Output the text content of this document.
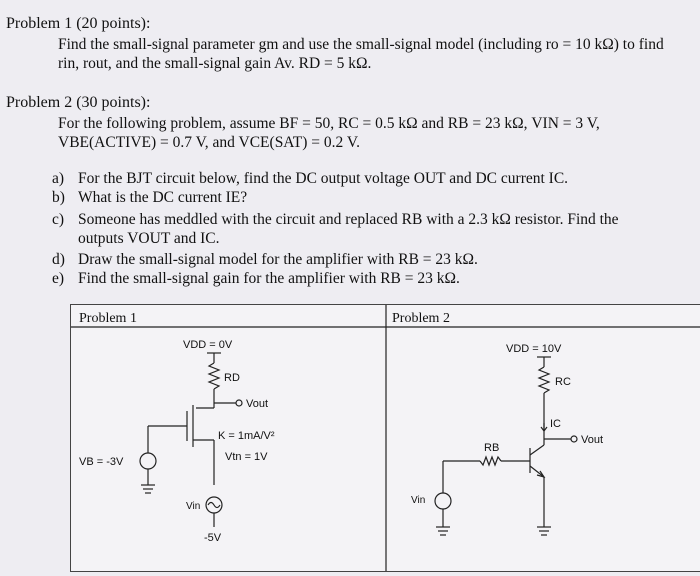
Problem 1 (20 points):
Find the small-signal parameter gm and use the small-signal model (including ro = 10 kΩ) to find
rin, rout, and the small-signal gain Av. RD = 5 kΩ.
Problem 2 (30 points):
For the following problem, assume BF = 50, RC = 0.5 kΩ and RB = 23 kΩ, VIN = 3 V,
VBE(ACTIVE) = 0.7 V, and VCE(SAT) = 0.2 V.
a) For the BJT circuit below, find the DC output voltage OUT and DC current IC.
b) What is the DC current IE?
c) Someone has meddled with the circuit and replaced RB with a 2.3 kΩ resistor. Find the
outputs VOUT and IC.
d) Draw the small-signal model for the amplifier with RB = 23 kΩ.
e) Find the small-signal gain for the amplifier with RB = 23 kΩ.
Problem 1	Problem 2
VDD = 0V
RD
Vout
K = 1mA/V²
Vtn = 1V
VB = -3V
Vin
-5V
VDD = 10V
RC
IC
Vout
RB
Vin
